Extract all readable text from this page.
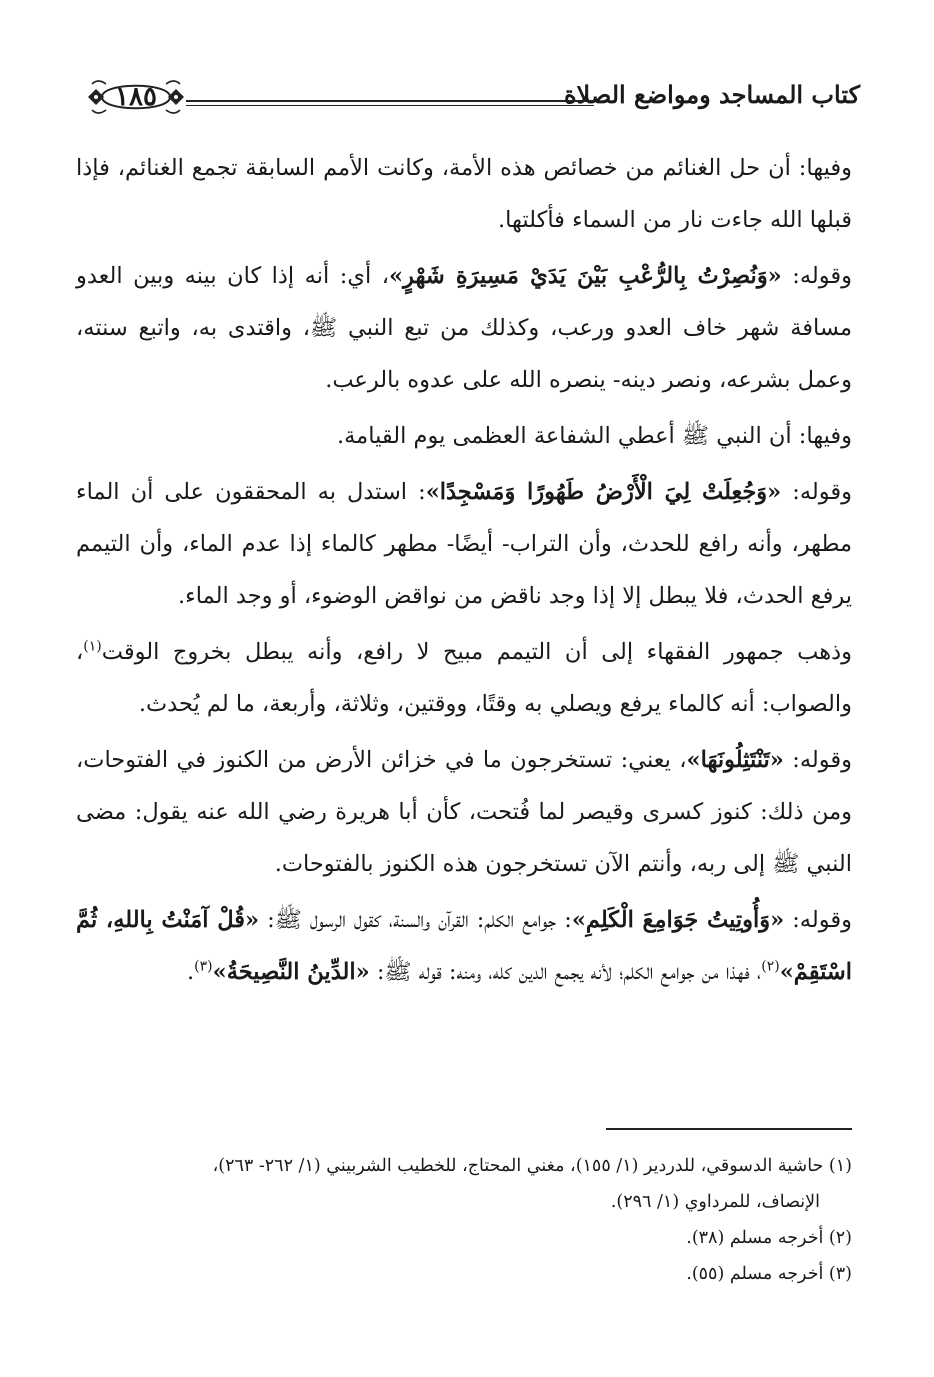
كتاب المساجد ومواضع الصلاة
١٨٥

وفيها: أن حل الغنائم من خصائص هذه الأمة، وكانت الأمم السابقة تجمع الغنائم، فإذا قبلها الله جاءت نار من السماء فأكلتها.

وقوله: «وَنُصِرْتُ بِالرُّعْبِ بَيْنَ يَدَيْ مَسِيرَةِ شَهْرٍ»، أي: أنه إذا كان بينه وبين العدو مسافة شهر خاف العدو ورعب، وكذلك من تبع النبي ﷺ، واقتدى به، واتبع سنته، وعمل بشرعه، ونصر دينه- ينصره الله على عدوه بالرعب.

وفيها: أن النبي ﷺ أعطي الشفاعة العظمى يوم القيامة.

وقوله: «وَجُعِلَتْ لِيَ الْأَرْضُ طَهُورًا وَمَسْجِدًا»: استدل به المحققون على أن الماء مطهر، وأنه رافع للحدث، وأن التراب- أيضًا- مطهر كالماء إذا عدم الماء، وأن التيمم يرفع الحدث، فلا يبطل إلا إذا وجد ناقض من نواقض الوضوء، أو وجد الماء.

وذهب جمهور الفقهاء إلى أن التيمم مبيح لا رافع، وأنه يبطل بخروج الوقت$^{(١)}$، والصواب: أنه كالماء يرفع ويصلي به وقتًا، ووقتين، وثلاثة، وأربعة، ما لم يُحدث.

وقوله: «تَنْتَثِلُونَهَا»، يعني: تستخرجون ما في خزائن الأرض من الكنوز في الفتوحات، ومن ذلك: كنوز كسرى وقيصر لما فُتحت، كأن أبا هريرة رضي الله عنه يقول: مضى النبي ﷺ إلى ربه، وأنتم الآن تستخرجون هذه الكنوز بالفتوحات.

وقوله: «وَأُوتِيتُ جَوَامِعَ الْكَلِمِ»: جوامع الكلم: القرآن والسنة، كقول الرسول ﷺ: «قُلْ آمَنْتُ بِاللهِ، ثُمَّ اسْتَقِمْ»$^{(٢)}$، فهذا من جوامع الكلم؛ لأنه يجمع الدين كله، ومنه: قوله ﷺ: «الدِّينُ النَّصِيحَةُ»$^{(٣)}$.

(١) حاشية الدسوقي، للدردير (١/ ١٥٥)، مغني المحتاج، للخطيب الشربيني (١/ ٢٦٢- ٢٦٣)،

الإنصاف، للمرداوي (١/ ٢٩٦).

(٢) أخرجه مسلم (٣٨).

(٣) أخرجه مسلم (٥٥).
